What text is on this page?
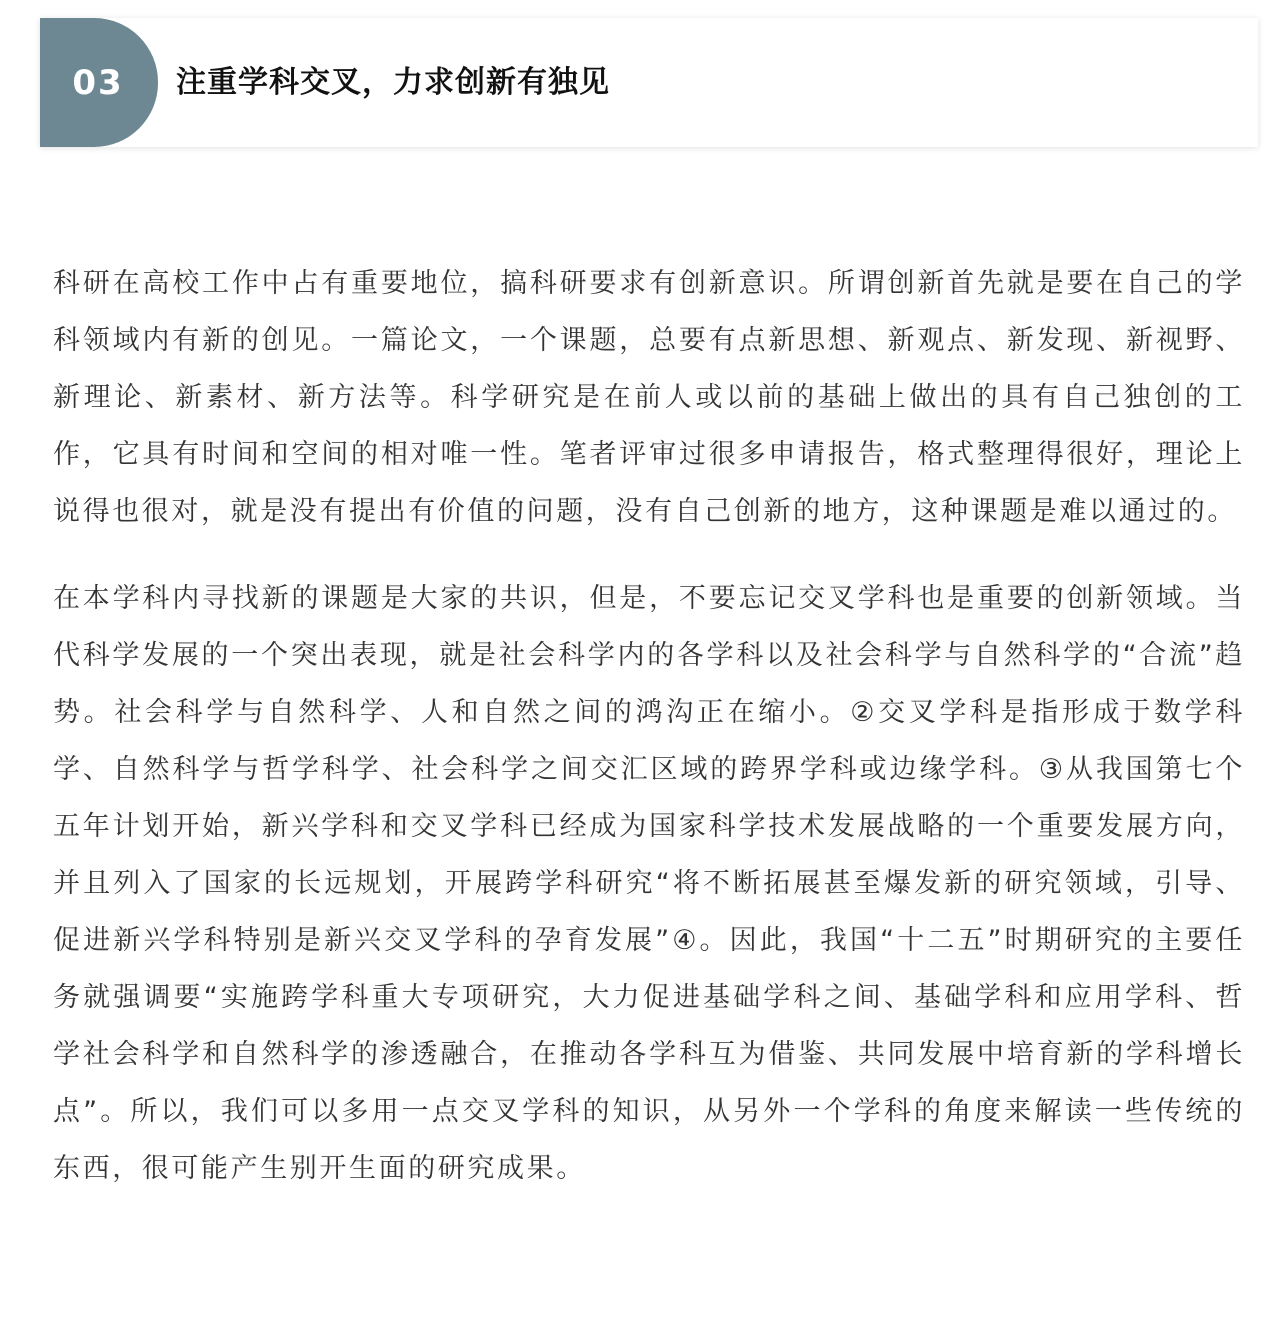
03 注重学科交叉，力求创新有独见

科研在高校工作中占有重要地位，搞科研要求有创新意识。所谓创新首先就是要在自己的学科领域内有新的创见。一篇论文，一个课题，总要有点新思想、新观点、新发现、新视野、新理论、新素材、新方法等。科学研究是在前人或以前的基础上做出的具有自己独创的工作，它具有时间和空间的相对唯一性。笔者评审过很多申请报告，格式整理得很好，理论上说得也很对，就是没有提出有价值的问题，没有自己创新的地方，这种课题是难以通过的。

在本学科内寻找新的课题是大家的共识，但是，不要忘记交叉学科也是重要的创新领域。当代科学发展的一个突出表现，就是社会科学内的各学科以及社会科学与自然科学的“合流”趋势。社会科学与自然科学、人和自然之间的鸿沟正在缩小。②交叉学科是指形成于数学科学、自然科学与哲学科学、社会科学之间交汇区域的跨界学科或边缘学科。③从我国第七个五年计划开始，新兴学科和交叉学科已经成为国家科学技术发展战略的一个重要发展方向，并且列入了国家的长远规划，开展跨学科研究“将不断拓展甚至爆发新的研究领域，引导、促进新兴学科特别是新兴交叉学科的孕育发展”④。因此，我国“十二五”时期研究的主要任务就强调要“实施跨学科重大专项研究，大力促进基础学科之间、基础学科和应用学科、哲学社会科学和自然科学的渗透融合，在推动各学科互为借鉴、共同发展中培育新的学科增长点”。所以，我们可以多用一点交叉学科的知识，从另外一个学科的角度来解读一些传统的东西，很可能产生别开生面的研究成果。
